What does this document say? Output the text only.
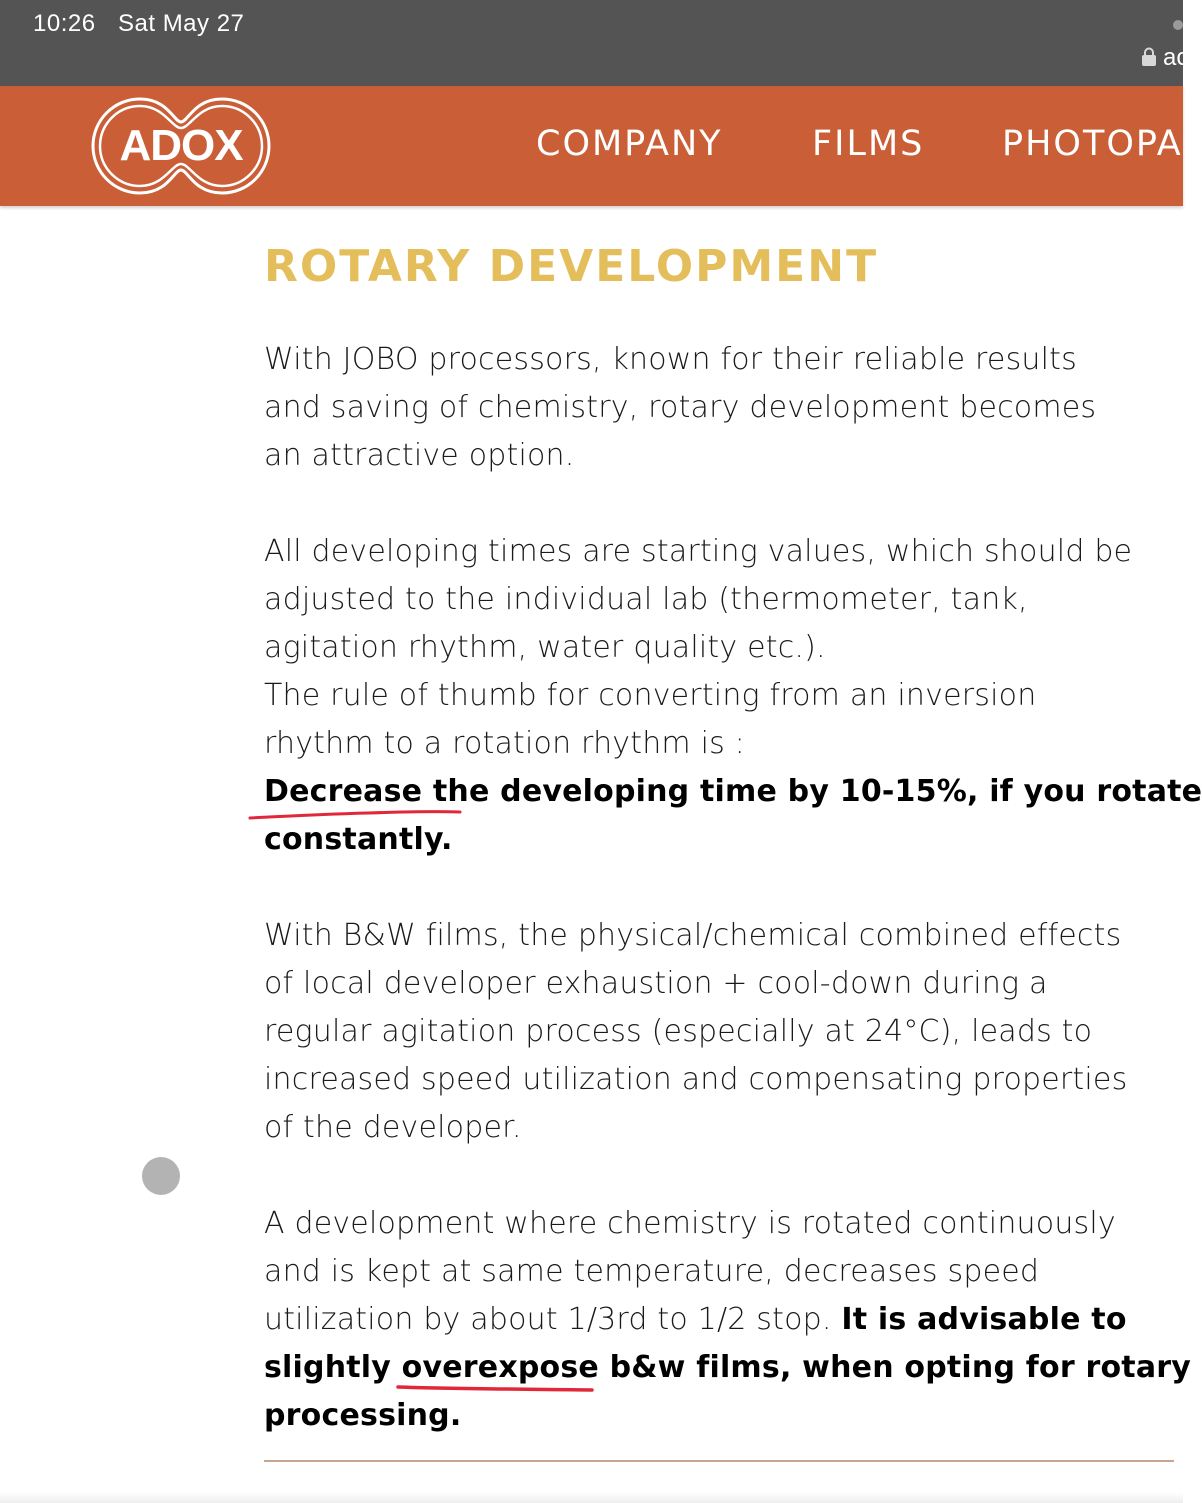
10:26 Sat May 27
ac
ADOX	COMPANY	FILMS PHOTOPA
ROTARY DEVELOPMENT

With JOBO processors, known for their reliable results
and saving of chemistry, rotary development becomes
an attractive option.

All developing times are starting values, which should be
adjusted to the individual lab (thermometer, tank,
agitation rhythm, water quality etc.).
The rule of thumb for converting from an inversion
rhythm to a rotation rhythm is :
Decrease the developing time by 10-15%, if you rotate
constantly.

With B&W films, the physical/chemical combined effects
of local developer exhaustion + cool-down during a
regular agitation process (especially at 24°C), leads to
increased speed utilization and compensating properties
of the developer.

A development where chemistry is rotated continuously
and is kept at same temperature, decreases speed
utilization by about 1/3rd to 1/2 stop. It is advisable to
slightly overexpose b&w films, when opting for rotary
processing.
